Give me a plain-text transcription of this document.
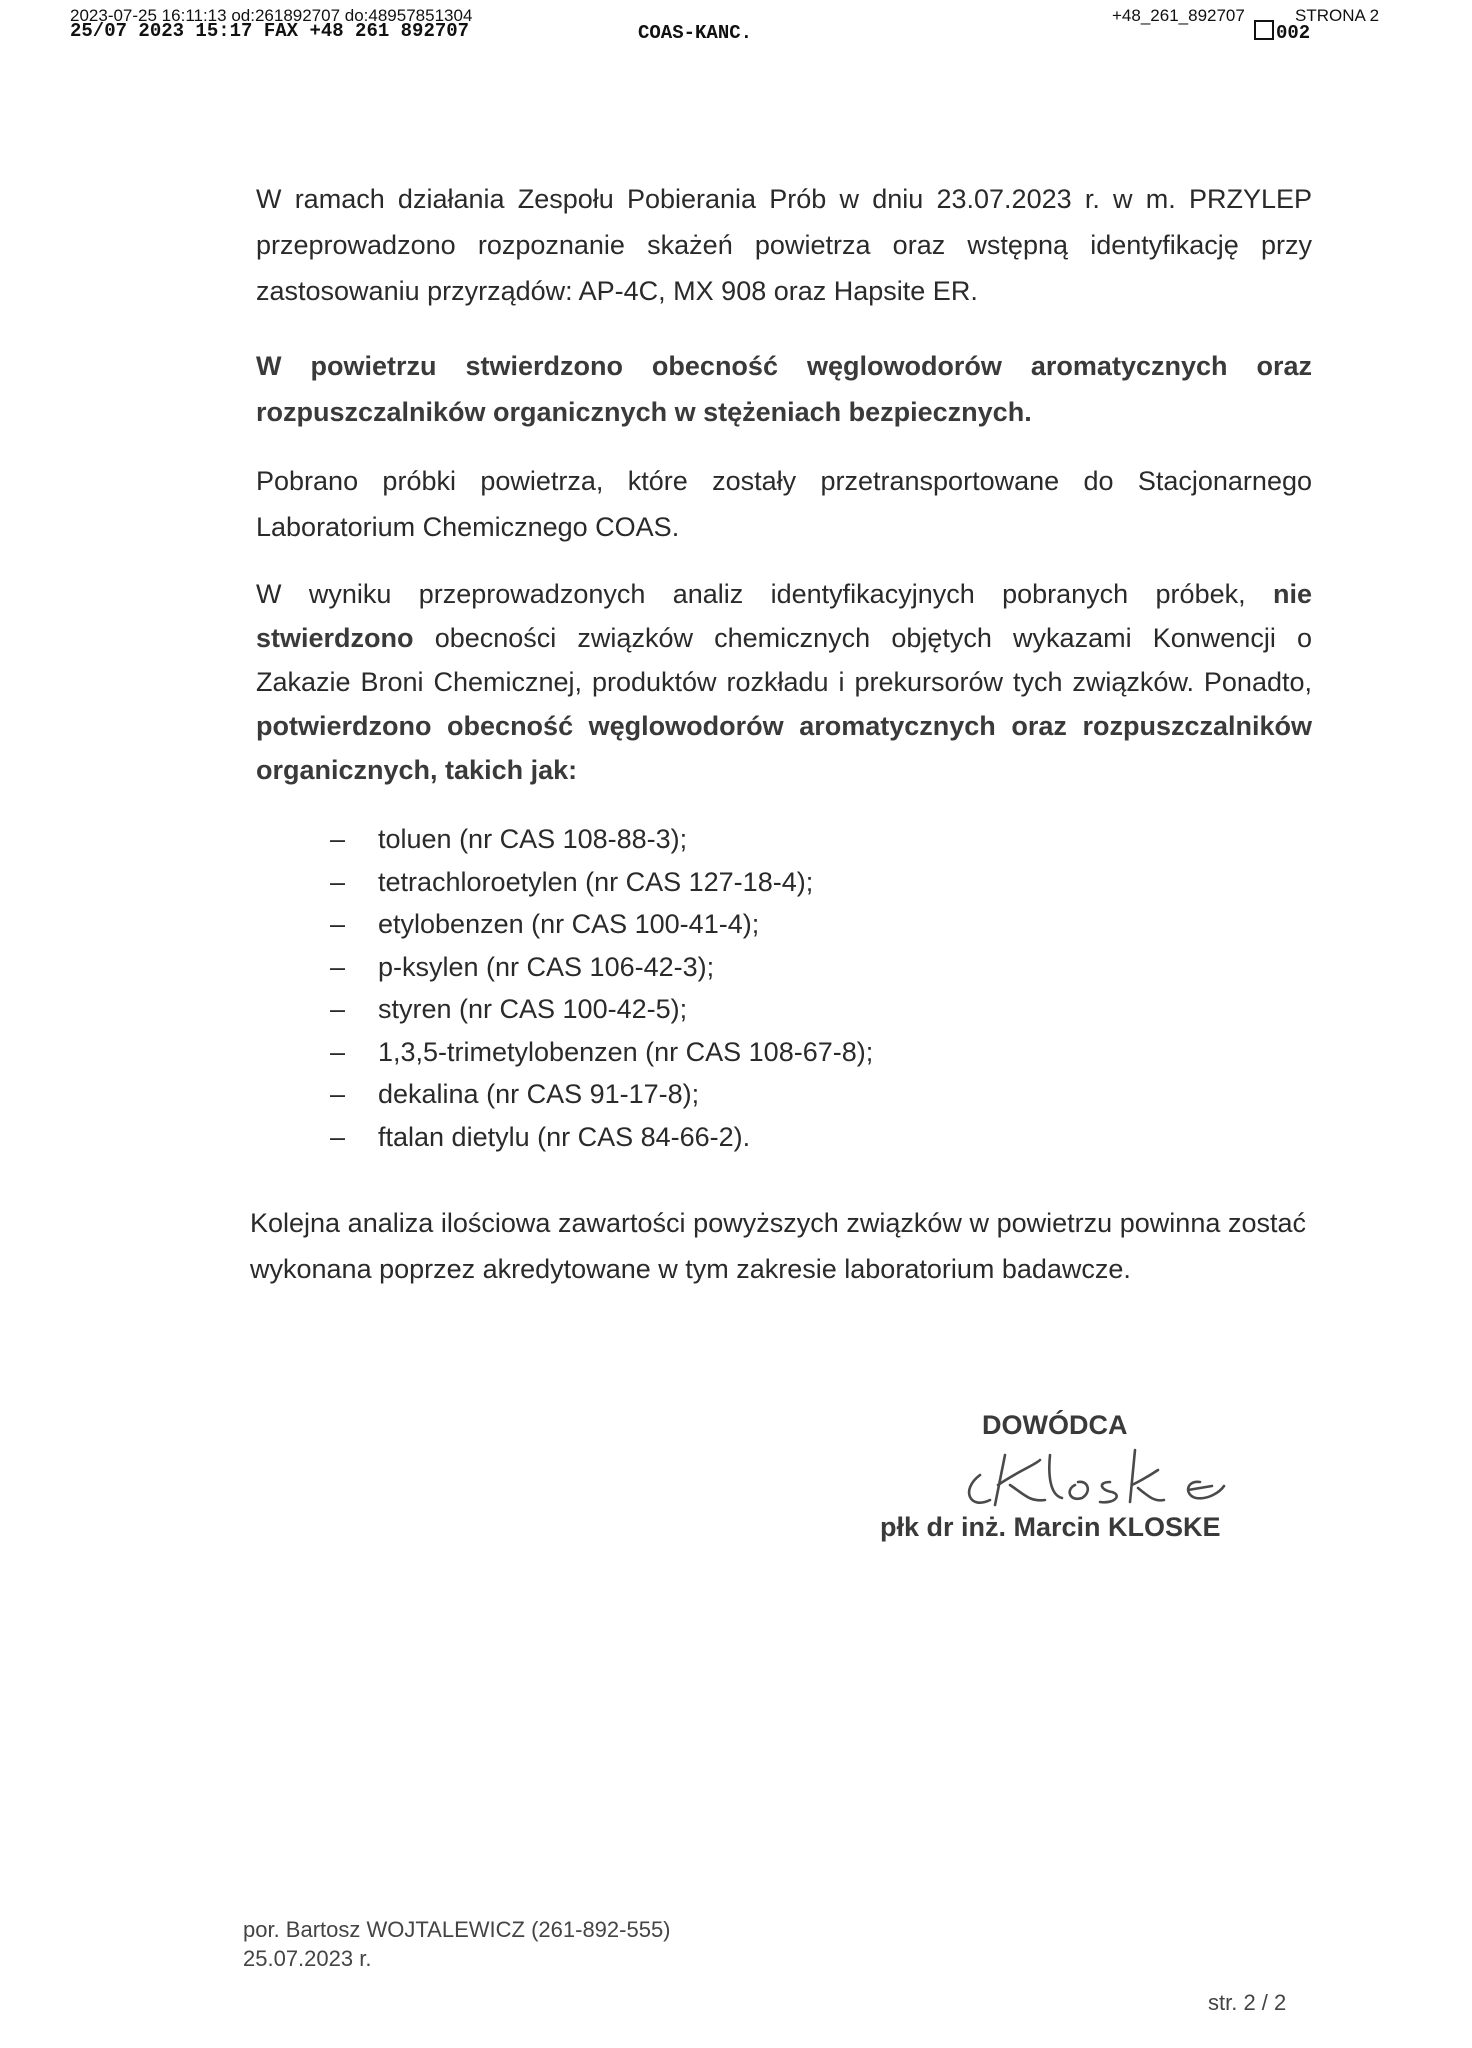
2023-07-25 16:11:13 od:261892707 do:48957851304
25/07 2023 15:17 FAX +48 261 892707	COAS-KANC.
+48_261_892707	STRONA 2
002
W ramach działania Zespołu Pobierania Prób w dniu 23.07.2023 r. w m. PRZYLEP przeprowadzono rozpoznanie skażeń powietrza oraz wstępną identyfikację przy zastosowaniu przyrządów: AP-4C, MX 908 oraz Hapsite ER.
W powietrzu stwierdzono obecność węglowodorów aromatycznych oraz rozpuszczalników organicznych w stężeniach bezpiecznych.
Pobrano próbki powietrza, które zostały przetransportowane do Stacjonarnego Laboratorium Chemicznego COAS.
W wyniku przeprowadzonych analiz identyfikacyjnych pobranych próbek, nie stwierdzono obecności związków chemicznych objętych wykazami Konwencji o Zakazie Broni Chemicznej, produktów rozkładu i prekursorów tych związków. Ponadto, potwierdzono obecność węglowodorów aromatycznych oraz rozpuszczalników organicznych, takich jak:
– toluen (nr CAS 108-88-3);
– tetrachloroetylen (nr CAS 127-18-4);
– etylobenzen (nr CAS 100-41-4);
– p-ksylen (nr CAS 106-42-3);
– styren (nr CAS 100-42-5);
– 1,3,5-trimetylobenzen (nr CAS 108-67-8);
– dekalina (nr CAS 91-17-8);
– ftalan dietylu (nr CAS 84-66-2).
Kolejna analiza ilościowa zawartości powyższych związków w powietrzu powinna zostać wykonana poprzez akredytowane w tym zakresie laboratorium badawcze.
DOWÓDCA
płk dr inż. Marcin KLOSKE
por. Bartosz WOJTALEWICZ (261-892-555)
25.07.2023 r.
str. 2 / 2
